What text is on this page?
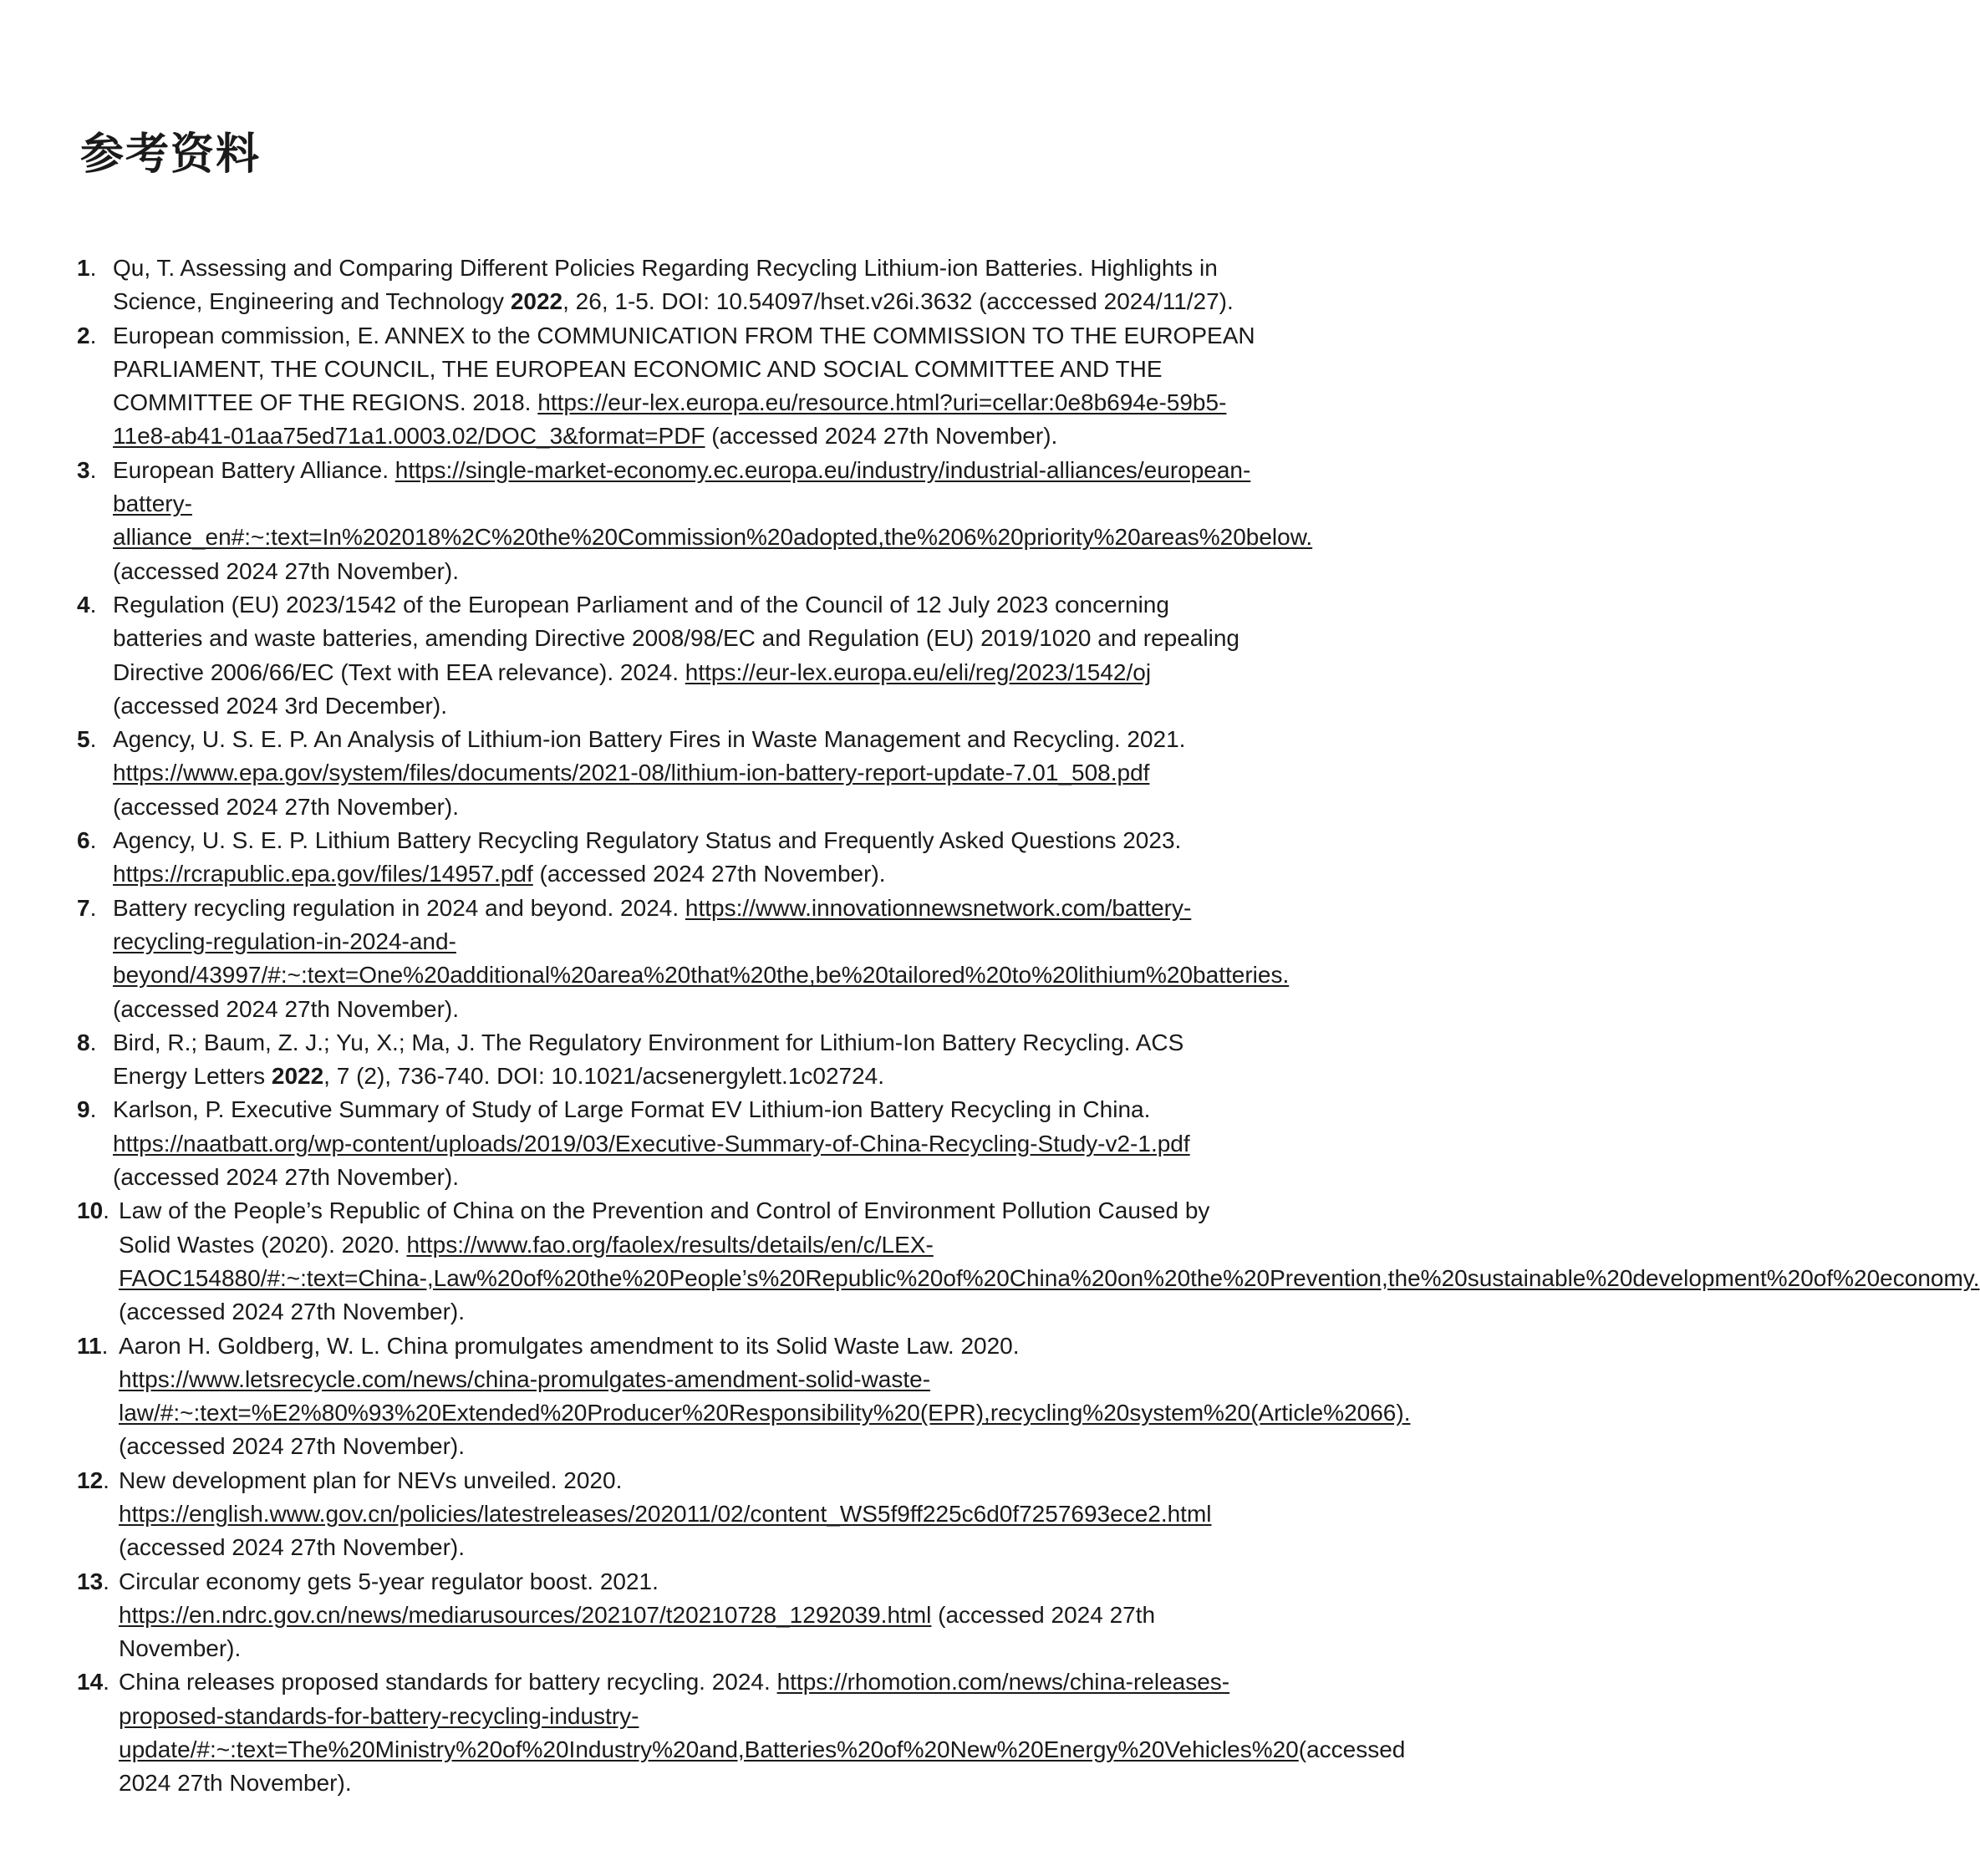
参考资料
1. Qu, T. Assessing and Comparing Different Policies Regarding Recycling Lithium-ion Batteries. Highlights in Science, Engineering and Technology 2022, 26, 1-5. DOI: 10.54097/hset.v26i.3632 (acccessed 2024/11/27).
2. European commission, E. ANNEX to the COMMUNICATION FROM THE COMMISSION TO THE EUROPEAN PARLIAMENT, THE COUNCIL, THE EUROPEAN ECONOMIC AND SOCIAL COMMITTEE AND THE COMMITTEE OF THE REGIONS. 2018. https://eur-lex.europa.eu/resource.html?uri=cellar:0e8b694e-59b5-11e8-ab41-01aa75ed71a1.0003.02/DOC_3&format=PDF (accessed 2024 27th November).
3. European Battery Alliance. https://single-market-economy.ec.europa.eu/industry/industrial-alliances/european-battery-alliance_en#:~:text=In%202018%2C%20the%20Commission%20adopted,the%206%20priority%20areas%20below. (accessed 2024 27th November).
4. Regulation (EU) 2023/1542 of the European Parliament and of the Council of 12 July 2023 concerning batteries and waste batteries, amending Directive 2008/98/EC and Regulation (EU) 2019/1020 and repealing Directive 2006/66/EC (Text with EEA relevance). 2024. https://eur-lex.europa.eu/eli/reg/2023/1542/oj (accessed 2024 3rd December).
5. Agency, U. S. E. P. An Analysis of Lithium-ion Battery Fires in Waste Management and Recycling. 2021. https://www.epa.gov/system/files/documents/2021-08/lithium-ion-battery-report-update-7.01_508.pdf (accessed 2024 27th November).
6. Agency, U. S. E. P. Lithium Battery Recycling Regulatory Status and Frequently Asked Questions 2023. https://rcrapublic.epa.gov/files/14957.pdf (accessed 2024 27th November).
7. Battery recycling regulation in 2024 and beyond. 2024. https://www.innovationnewsnetwork.com/battery-recycling-regulation-in-2024-and-beyond/43997/#:~:text=One%20additional%20area%20that%20the,be%20tailored%20to%20lithium%20batteries. (accessed 2024 27th November).
8. Bird, R.; Baum, Z. J.; Yu, X.; Ma, J. The Regulatory Environment for Lithium-Ion Battery Recycling. ACS Energy Letters 2022, 7 (2), 736-740. DOI: 10.1021/acsenergylett.1c02724.
9. Karlson, P. Executive Summary of Study of Large Format EV Lithium-ion Battery Recycling in China. https://naatbatt.org/wp-content/uploads/2019/03/Executive-Summary-of-China-Recycling-Study-v2-1.pdf (accessed 2024 27th November).
10. Law of the People’s Republic of China on the Prevention and Control of Environment Pollution Caused by Solid Wastes (2020). 2020. https://www.fao.org/faolex/results/details/en/c/LEX-FAOC154880/#:~:text=China-,Law%20of%20the%20People’s%20Republic%20of%20China%20on%20the%20Prevention,the%20sustainable%20development%20of%20economy. (accessed 2024 27th November).
11. Aaron H. Goldberg, W. L. China promulgates amendment to its Solid Waste Law. 2020. https://www.letsrecycle.com/news/china-promulgates-amendment-solid-waste-law/#:~:text=%E2%80%93%20Extended%20Producer%20Responsibility%20(EPR),recycling%20system%20(Article%2066). (accessed 2024 27th November).
12. New development plan for NEVs unveiled. 2020. https://english.www.gov.cn/policies/latestreleases/202011/02/content_WS5f9ff225c6d0f7257693ece2.html (accessed 2024 27th November).
13. Circular economy gets 5-year regulator boost. 2021. https://en.ndrc.gov.cn/news/mediarusources/202107/t20210728_1292039.html (accessed 2024 27th November).
14. China releases proposed standards for battery recycling. 2024. https://rhomotion.com/news/china-releases-proposed-standards-for-battery-recycling-industry-update/#:~:text=The%20Ministry%20of%20Industry%20and,Batteries%20of%20New%20Energy%20Vehicles%20(accessed 2024 27th November).
